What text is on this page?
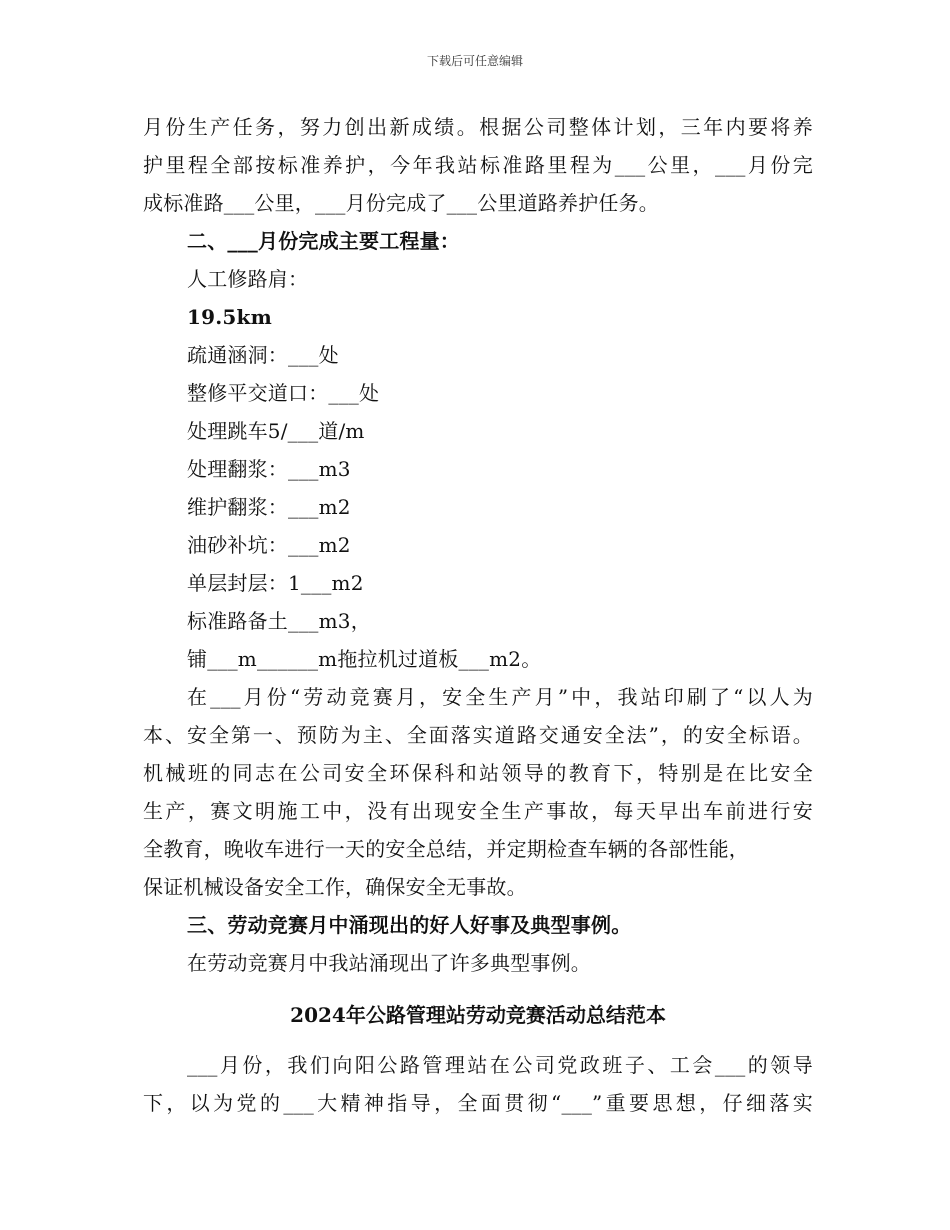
下载后可任意编辑
月份生产任务，努力创出新成绩。根据公司整体计划，三年内要将养
护里程全部按标准养护，今年我站标准路里程为___公里，___月份完
成标准路___公里，___月份完成了___公里道路养护任务。
二、___月份完成主要工程量：
人工修路肩：
19.5km
疏通涵洞：___处
整修平交道口：___处
处理跳车5/___道/m
处理翻浆：___m3
维护翻浆：___m2
油砂补坑：___m2
单层封层：1___m2
标准路备土___m3，
铺___m______m拖拉机过道板___m2。
在___月份“劳动竞赛月，安全生产月”中，我站印刷了“以人为
本、安全第一、预防为主、全面落实道路交通安全法”，的安全标语。
机械班的同志在公司安全环保科和站领导的教育下，特别是在比安全
生产，赛文明施工中，没有出现安全生产事故，每天早出车前进行安
全教育，晚收车进行一天的安全总结，并定期检查车辆的各部性能，
保证机械设备安全工作，确保安全无事故。
三、劳动竞赛月中涌现出的好人好事及典型事例。
在劳动竞赛月中我站涌现出了许多典型事例。
2024年公路管理站劳动竞赛活动总结范本
___月份，我们向阳公路管理站在公司党政班子、工会___的领导
下，以为党的___大精神指导，全面贯彻“___”重要思想，仔细落实
